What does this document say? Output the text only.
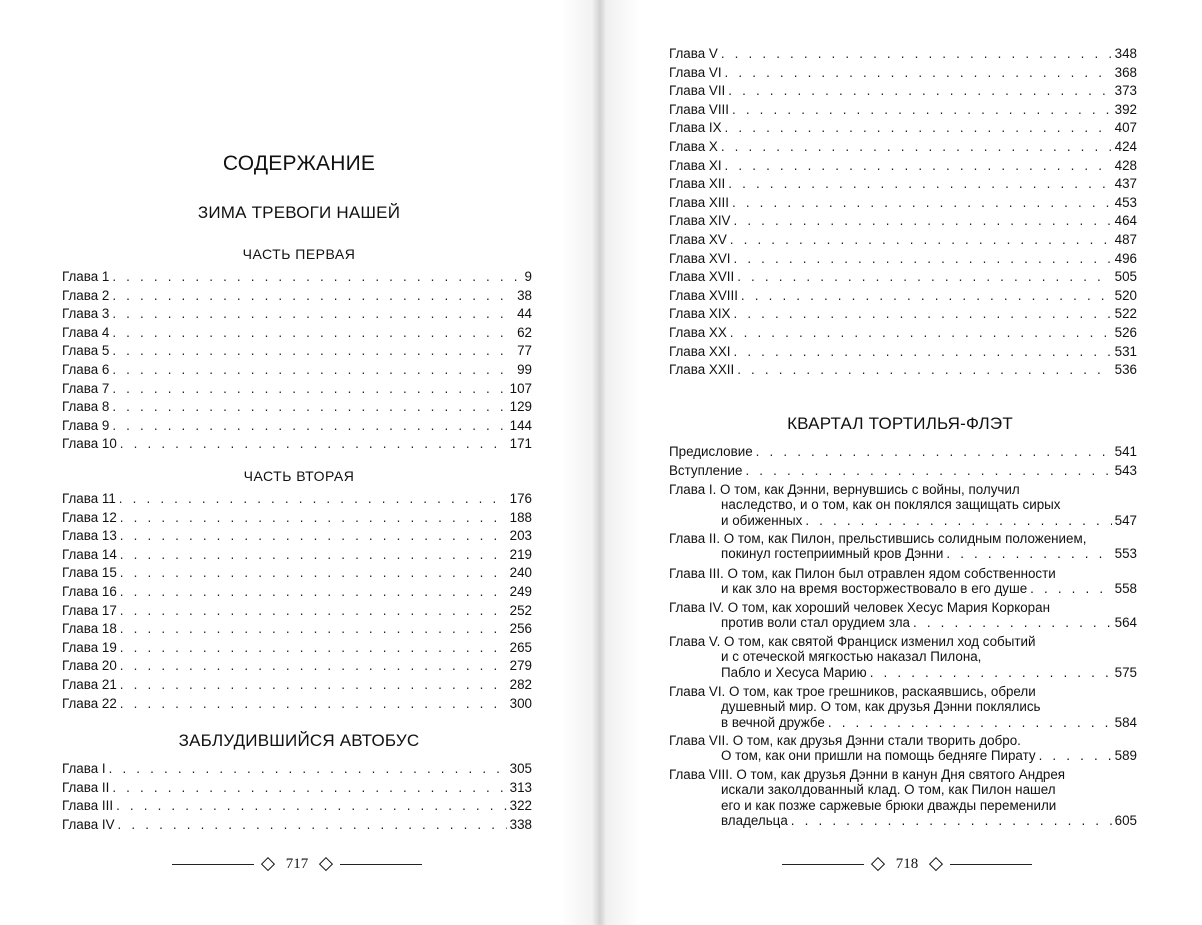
СОДЕРЖАНИЕ
ЗИМА ТРЕВОГИ НАШЕЙ
ЧАСТЬ ПЕРВАЯ
Глава 1 . . .	9
Глава 2 . . .	38
Глава 3 . . .	44
Глава 4 . . .	62
Глава 5 . . .	77
Глава 6 . . .	99
Глава 7 . . .	107
Глава 8 . . .	129
Глава 9 . . .	144
Глава 10 . . .	171
ЧАСТЬ ВТОРАЯ
Глава 11 . . .	176
Глава 12 . . .	188
Глава 13 . . .	203
Глава 14 . . .	219
Глава 15 . . .	240
Глава 16 . . .	249
Глава 17 . . .	252
Глава 18 . . .	256
Глава 19 . . .	265
Глава 20 . . .	279
Глава 21 . . .	282
Глава 22 . . .	300
ЗАБЛУДИВШИЙСЯ АВТОБУС
Глава I . . .	305
Глава II . . .	313
Глава III . . .	322
Глава IV . . .	338
717
Глава V . . .	348
Глава VI . . .	368
Глава VII . . .	373
Глава VIII . . .	392
Глава IX . . .	407
Глава X . . .	424
Глава XI . . .	428
Глава XII . . .	437
Глава XIII . . .	453
Глава XIV . . .	464
Глава XV . . .	487
Глава XVI . . .	496
Глава XVII . . .	505
Глава XVIII . . .	520
Глава XIX . . .	522
Глава XX . . .	526
Глава XXI . . .	531
Глава XXII . . .	536
КВАРТАЛ ТОРТИЛЬЯ-ФЛЭТ
Предисловие . . .	541
Вступление . . .	543
Глава I. О том, как Дэнни, вернувшись с войны, получил
наследство, и о том, как он поклялся защищать сирых
и обиженных . . .	547
Глава II. О том, как Пилон, прельстившись солидным положением,
покинул гостеприимный кров Дэнни . . .	553
Глава III. О том, как Пилон был отравлен ядом собственности
и как зло на время восторжествовало в его душе . . .	558
Глава IV. О том, как хороший человек Хесус Мария Коркоран
против воли стал орудием зла . . .	564
Глава V. О том, как святой Франциск изменил ход событий
и с отеческой мягкостью наказал Пилона,
Пабло и Хесуса Марию . . .	575
Глава VI. О том, как трое грешников, раскаявшись, обрели
душевный мир. О том, как друзья Дэнни поклялись
в вечной дружбе . . .	584
Глава VII. О том, как друзья Дэнни стали творить добро.
О том, как они пришли на помощь бедняге Пирату . . .	589
Глава VIII. О том, как друзья Дэнни в канун Дня святого Андрея
искали заколдованный клад. О том, как Пилон нашел
его и как позже саржевые брюки дважды переменили
владельца . . .	605
718
